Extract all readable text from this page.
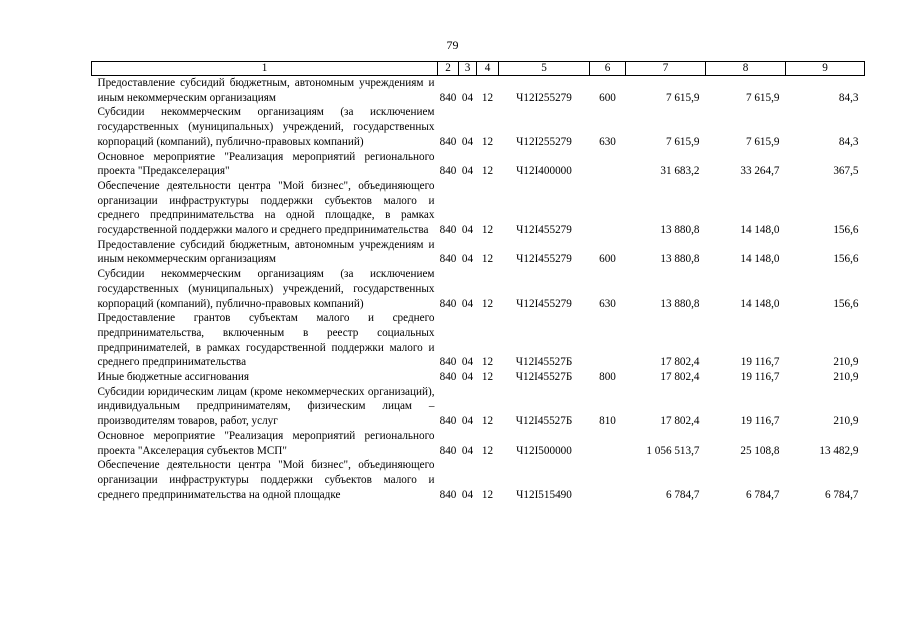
79
1	2	3	4	5	6	7	8	9
Предоставление субсидий бюджетным, автономным учреждениям и иным некоммерческим организациям	840	04	12	Ч12I255279	600	7 615,9	7 615,9	84,3
Субсидии некоммерческим организациям (за исключением государственных (муниципальных) учреждений, государственных корпораций (компаний), публично-правовых компаний)	840	04	12	Ч12I255279	630	7 615,9	7 615,9	84,3
Основное мероприятие "Реализация мероприятий регионального проекта "Предакселерация"	840	04	12	Ч12I400000		31 683,2	33 264,7	367,5
Обеспечение деятельности центра "Мой бизнес", объединяющего организации инфраструктуры поддержки субъектов малого и среднего предпринимательства на одной площадке, в рамках государственной поддержки малого и среднего предпринимательства	840	04	12	Ч12I455279		13 880,8	14 148,0	156,6
Предоставление субсидий бюджетным, автономным учреждениям и иным некоммерческим организациям	840	04	12	Ч12I455279	600	13 880,8	14 148,0	156,6
Субсидии некоммерческим организациям (за исключением государственных (муниципальных) учреждений, государственных корпораций (компаний), публично-правовых компаний)	840	04	12	Ч12I455279	630	13 880,8	14 148,0	156,6
Предоставление грантов субъектам малого и среднего предпринимательства, включенным в реестр социальных предпринимателей, в рамках государственной поддержки малого и среднего предпринимательства	840	04	12	Ч12I45527Б		17 802,4	19 116,7	210,9
Иные бюджетные ассигнования	840	04	12	Ч12I45527Б	800	17 802,4	19 116,7	210,9
Субсидии юридическим лицам (кроме некоммерческих организаций), индивидуальным предпринимателям, физическим лицам – производителям товаров, работ, услуг	840	04	12	Ч12I45527Б	810	17 802,4	19 116,7	210,9
Основное мероприятие "Реализация мероприятий регионального проекта "Акселерация субъектов МСП"	840	04	12	Ч12I500000		1 056 513,7	25 108,8	13 482,9
Обеспечение деятельности центра "Мой бизнес", объединяющего организации инфраструктуры поддержки субъектов малого и среднего предпринимательства на одной площадке	840	04	12	Ч12I515490		6 784,7	6 784,7	6 784,7
